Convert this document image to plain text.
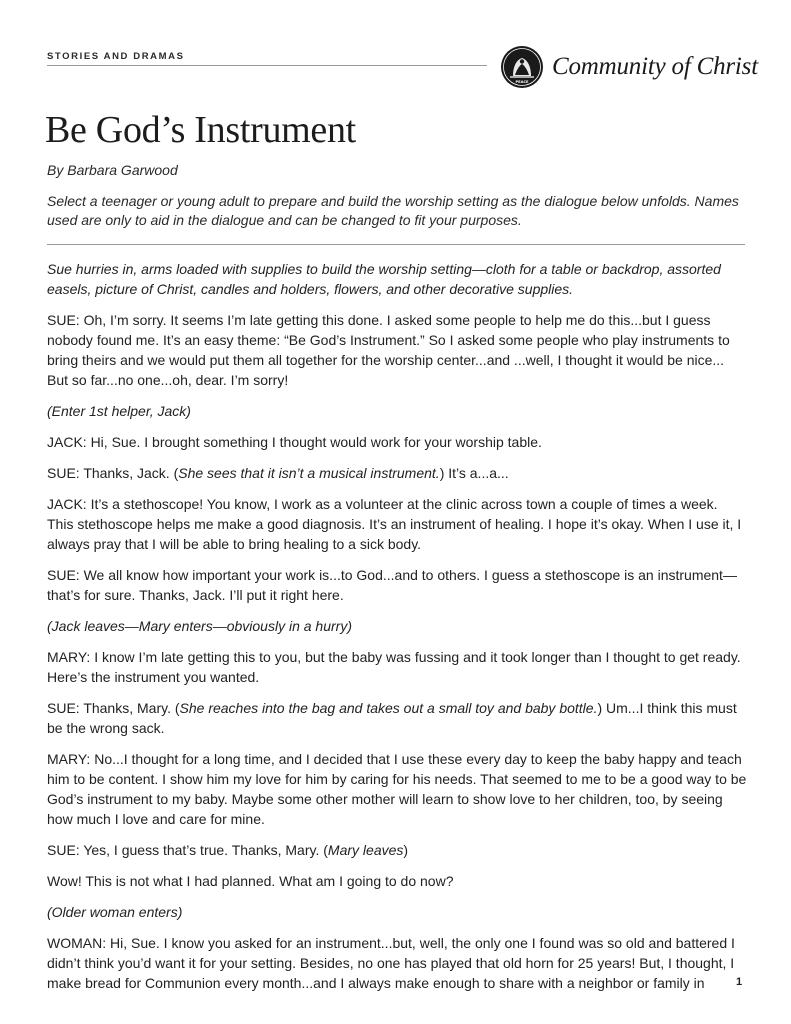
STORIES AND DRAMAS
PEACE
Community of Christ
Be God’s Instrument
By Barbara Garwood

Select a teenager or young adult to prepare and build the worship setting as the dialogue below unfolds. Names used are only to aid in the dialogue and can be changed to fit your purposes.

Sue hurries in, arms loaded with supplies to build the worship setting—cloth for a table or backdrop, assorted easels, picture of Christ, candles and holders, flowers, and other decorative supplies.

SUE: Oh, I’m sorry. It seems I’m late getting this done. I asked some people to help me do this...but I guess nobody found me. It’s an easy theme: “Be God’s Instrument.” So I asked some people who play instruments to bring theirs and we would put them all together for the worship center...and ...well, I thought it would be nice... But so far...no one...oh, dear. I’m sorry!

(Enter 1st helper, Jack)

JACK: Hi, Sue. I brought something I thought would work for your worship table.

SUE: Thanks, Jack. (She sees that it isn’t a musical instrument.) It’s a...a...

JACK: It’s a stethoscope! You know, I work as a volunteer at the clinic across town a couple of times a week. This stethoscope helps me make a good diagnosis. It’s an instrument of healing. I hope it’s okay. When I use it, I always pray that I will be able to bring healing to a sick body.

SUE: We all know how important your work is...to God...and to others. I guess a stethoscope is an instrument—that’s for sure. Thanks, Jack. I’ll put it right here.

(Jack leaves—Mary enters—obviously in a hurry)

MARY: I know I’m late getting this to you, but the baby was fussing and it took longer than I thought to get ready. Here’s the instrument you wanted.

SUE: Thanks, Mary. (She reaches into the bag and takes out a small toy and baby bottle.) Um...I think this must be the wrong sack.

MARY: No...I thought for a long time, and I decided that I use these every day to keep the baby happy and teach him to be content. I show him my love for him by caring for his needs. That seemed to me to be a good way to be God’s instrument to my baby. Maybe some other mother will learn to show love to her children, too, by seeing how much I love and care for mine.

SUE: Yes, I guess that’s true. Thanks, Mary. (Mary leaves)

Wow! This is not what I had planned. What am I going to do now?

(Older woman enters)

WOMAN: Hi, Sue. I know you asked for an instrument...but, well, the only one I found was so old and battered I didn’t think you’d want it for your setting. Besides, no one has played that old horn for 25 years! But, I thought, I make bread for Communion every month...and I always make enough to share with a neighbor or family in	1
